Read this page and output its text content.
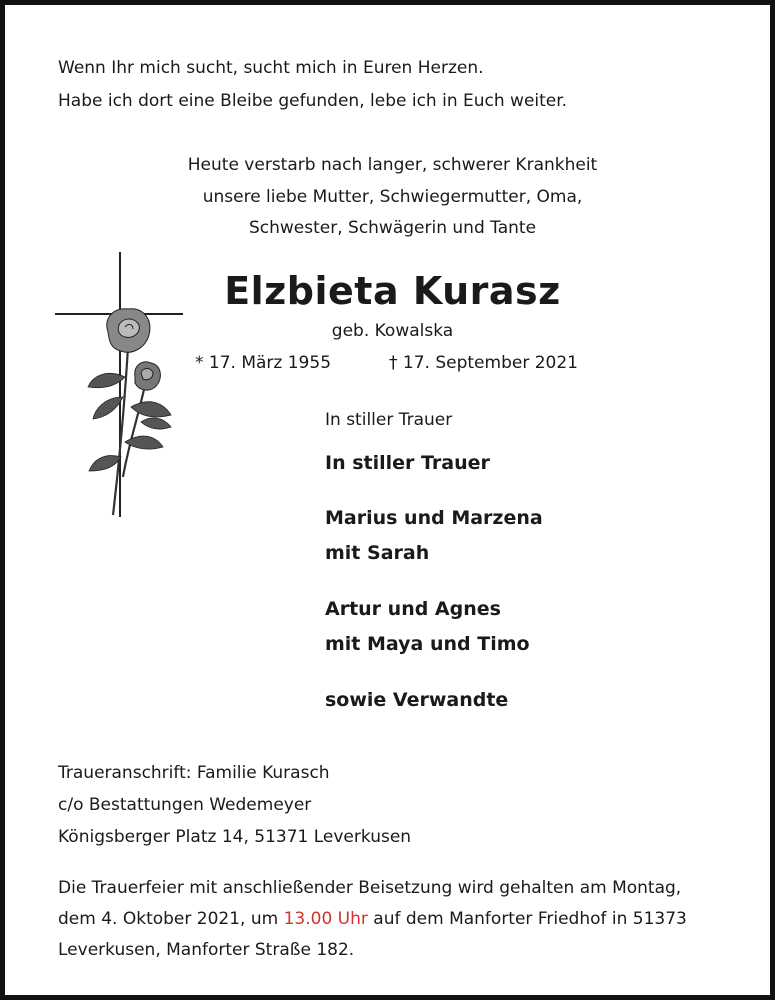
Wenn Ihr mich sucht, sucht mich in Euren Herzen.
Habe ich dort eine Bleibe gefunden, lebe ich in Euch weiter.
Heute verstarb nach langer, schwerer Krankheit
unsere liebe Mutter, Schwiegermutter, Oma,
Schwester, Schwägerin und Tante
Elzbieta Kurasz
geb. Kowalska
* 17. März 1955	† 17. September 2021
In stiller Trauer
In stiller Trauer
Marius und Marzena
mit Sarah
Artur und Agnes
mit Maya und Timo
sowie Verwandte
Traueranschrift: Familie Kurasch
c/o Bestattungen Wedemeyer
Königsberger Platz 14, 51371 Leverkusen
Die Trauerfeier mit anschließender Beisetzung wird gehalten am Montag,
dem 4. Oktober 2021, um 13.00 Uhr auf dem Manforter Friedhof in 51373
Leverkusen, Manforter Straße 182.
